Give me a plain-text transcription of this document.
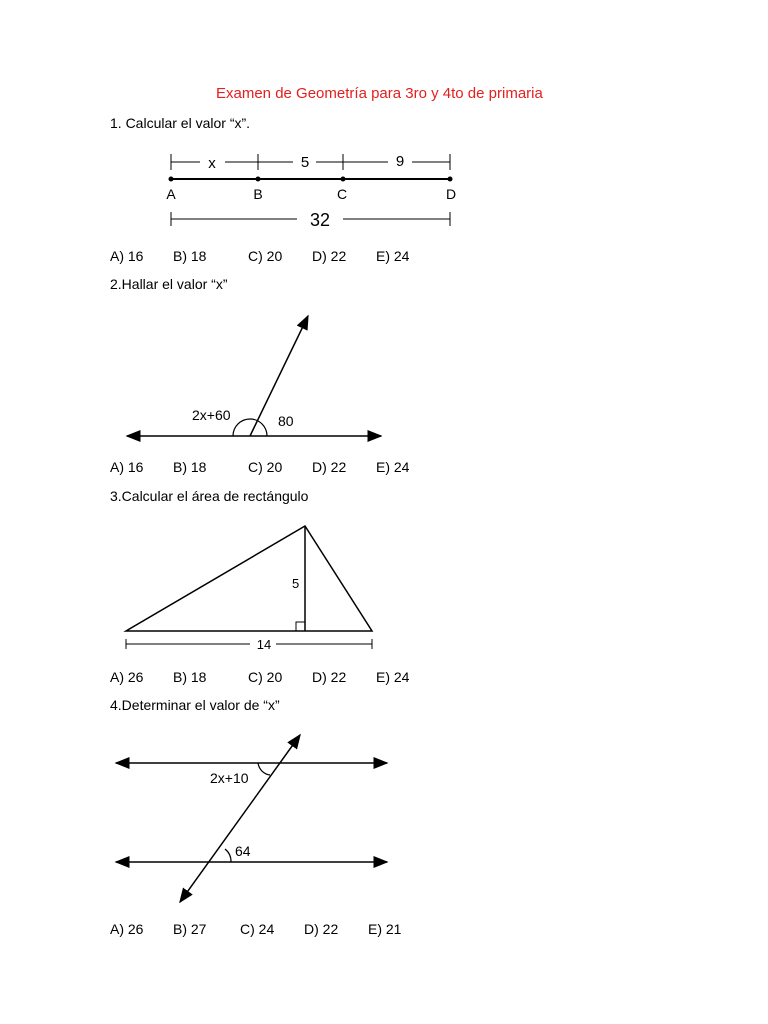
Examen de Geometría para 3ro y 4to de primaria
1. Calcular el valor “x”.
x	5	9
A	B	C	D
32
A) 16 B) 18	C) 20 D) 22 E) 24
2.Hallar el valor “x”
2x+60	80
A) 16 B) 18	C) 20 D) 22 E) 24
3.Calcular el área de rectángulo
5
14
A) 26 B) 18	C) 20 D) 22 E) 24
4.Determinar el valor de “x”
2x+10
64
A) 26 B) 27 C) 24 D) 22 E) 21
